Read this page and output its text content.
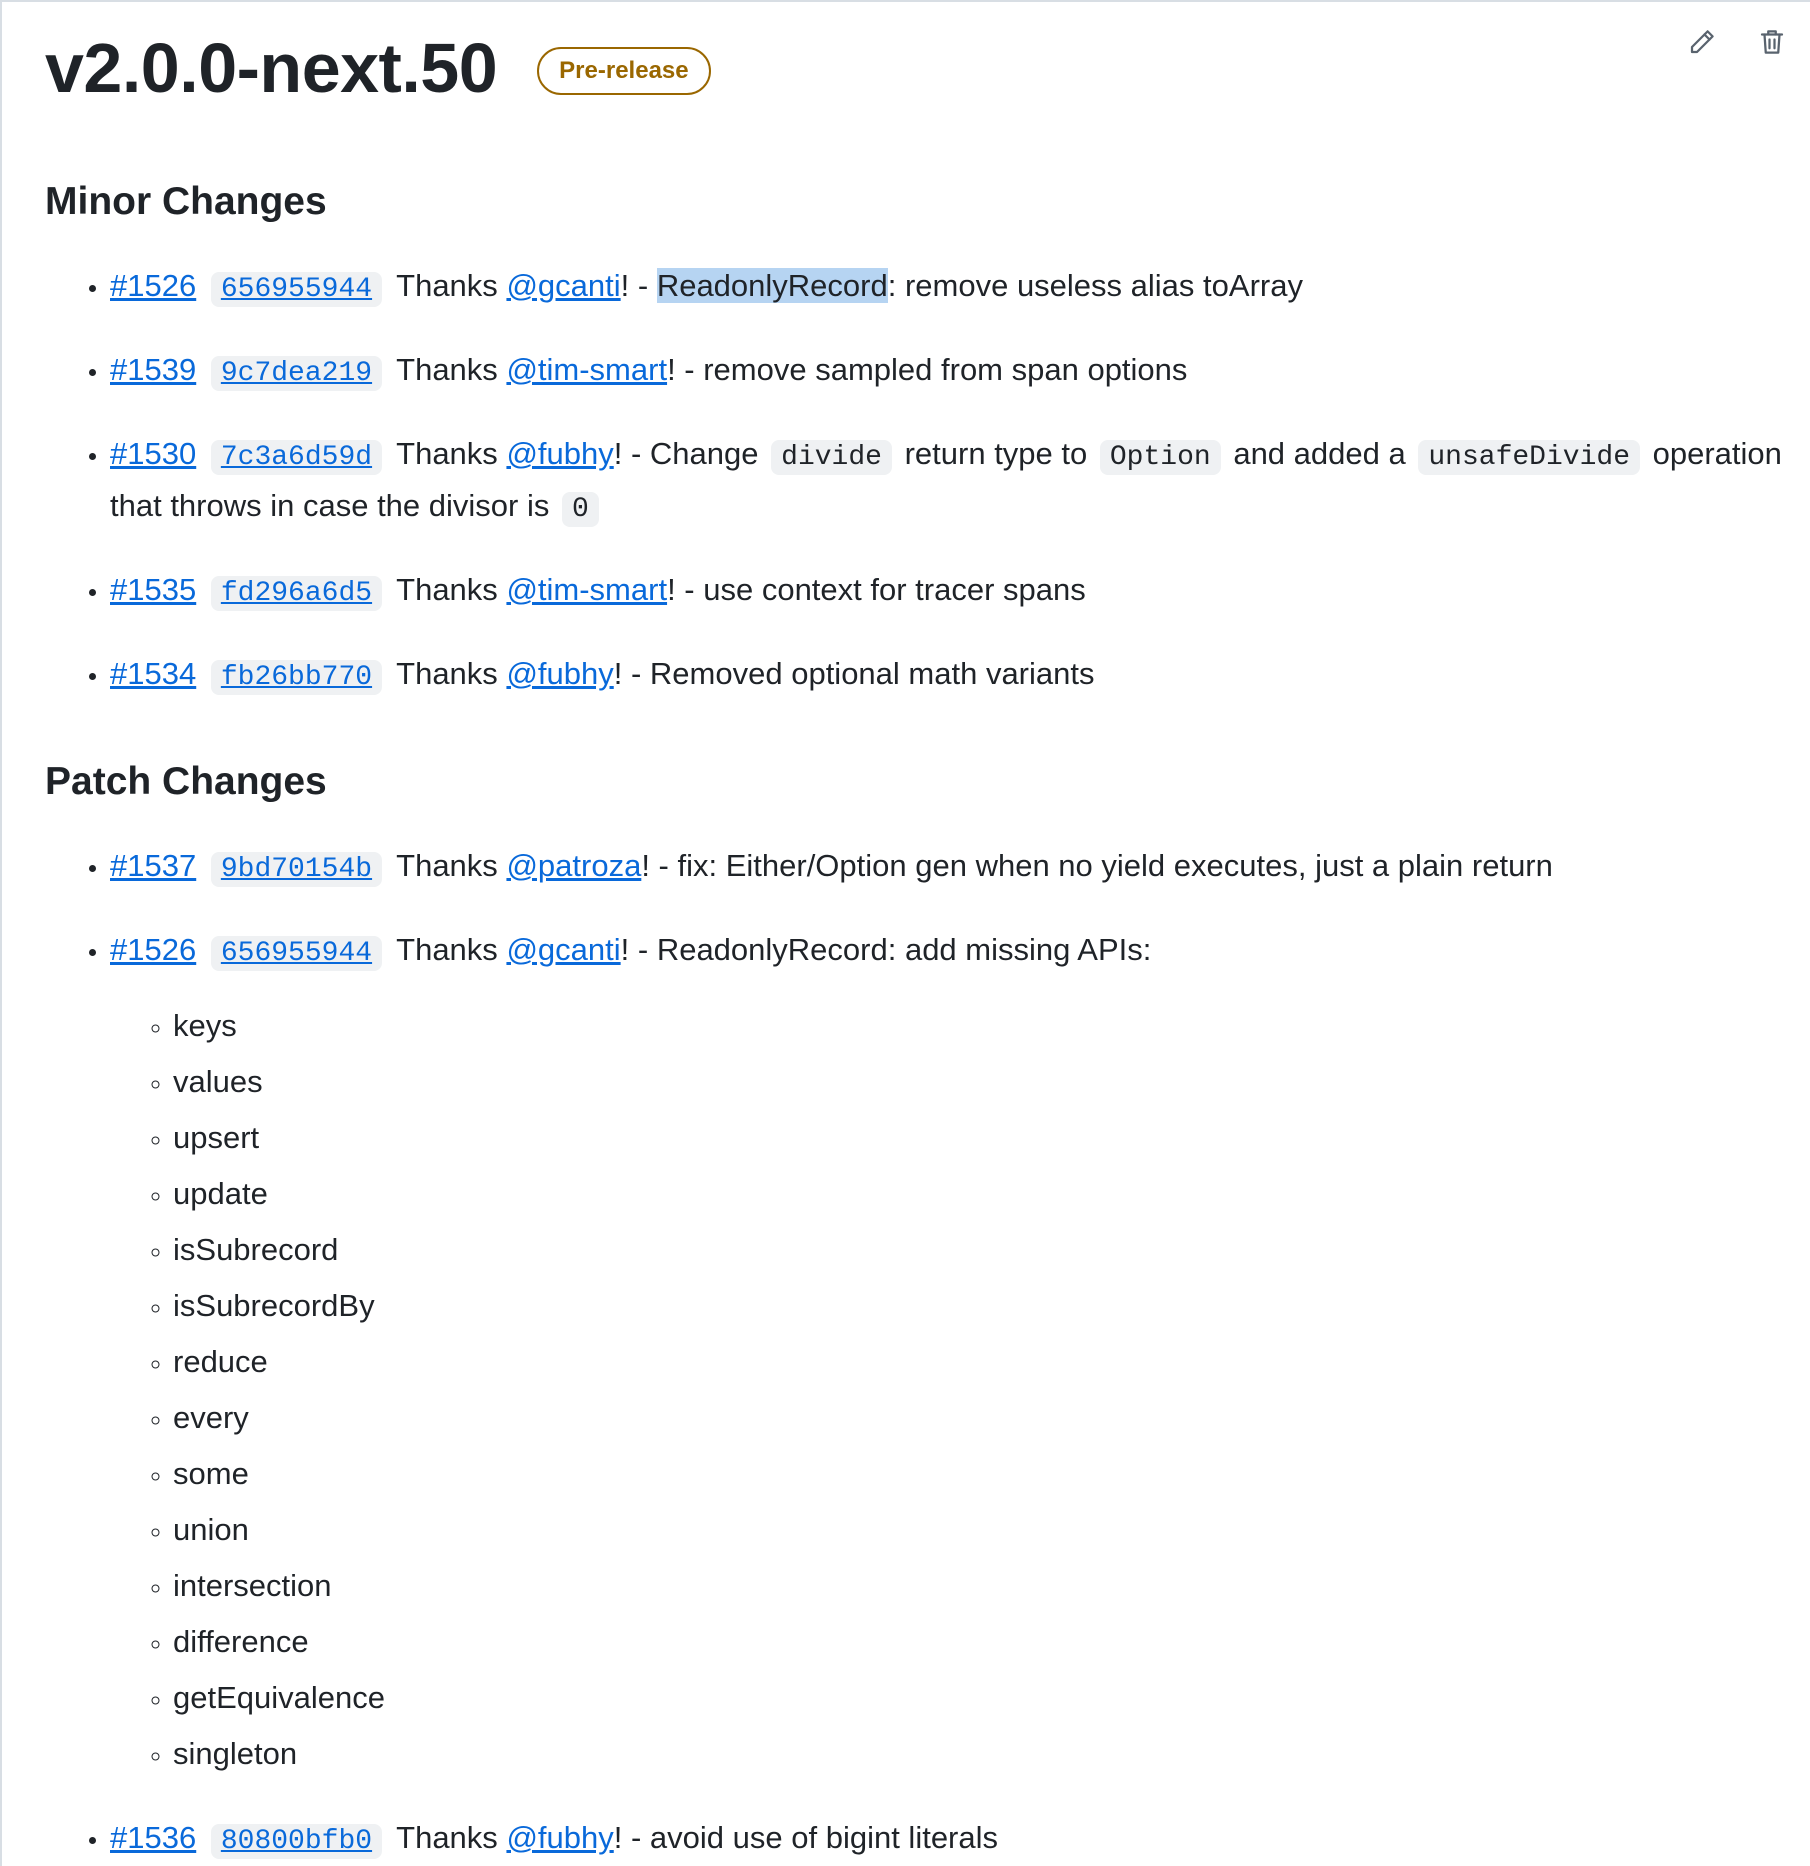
v2.0.0-next.50	Pre-release
Minor Changes
• #1526 656955944 Thanks @gcanti! - ReadonlyRecord: remove useless alias toArray
• #1539 9c7dea219 Thanks @tim-smart! - remove sampled from span options
• #1530 7c3a6d59d Thanks @fubhy! - Change divide return type to Option and added a unsafeDivide operation that throws in case the divisor is 0
• #1535 fd296a6d5 Thanks @tim-smart! - use context for tracer spans
• #1534 fb26bb770 Thanks @fubhy! - Removed optional math variants
Patch Changes
• #1537 9bd70154b Thanks @patroza! - fix: Either/Option gen when no yield executes, just a plain return
• #1526 656955944 Thanks @gcanti! - ReadonlyRecord: add missing APIs:
◦ keys
◦ values
◦ upsert
◦ update
◦ isSubrecord
◦ isSubrecordBy
◦ reduce
◦ every
◦ some
◦ union
◦ intersection
◦ difference
◦ getEquivalence
◦ singleton
• #1536 80800bfb0 Thanks @fubhy! - avoid use of bigint literals
